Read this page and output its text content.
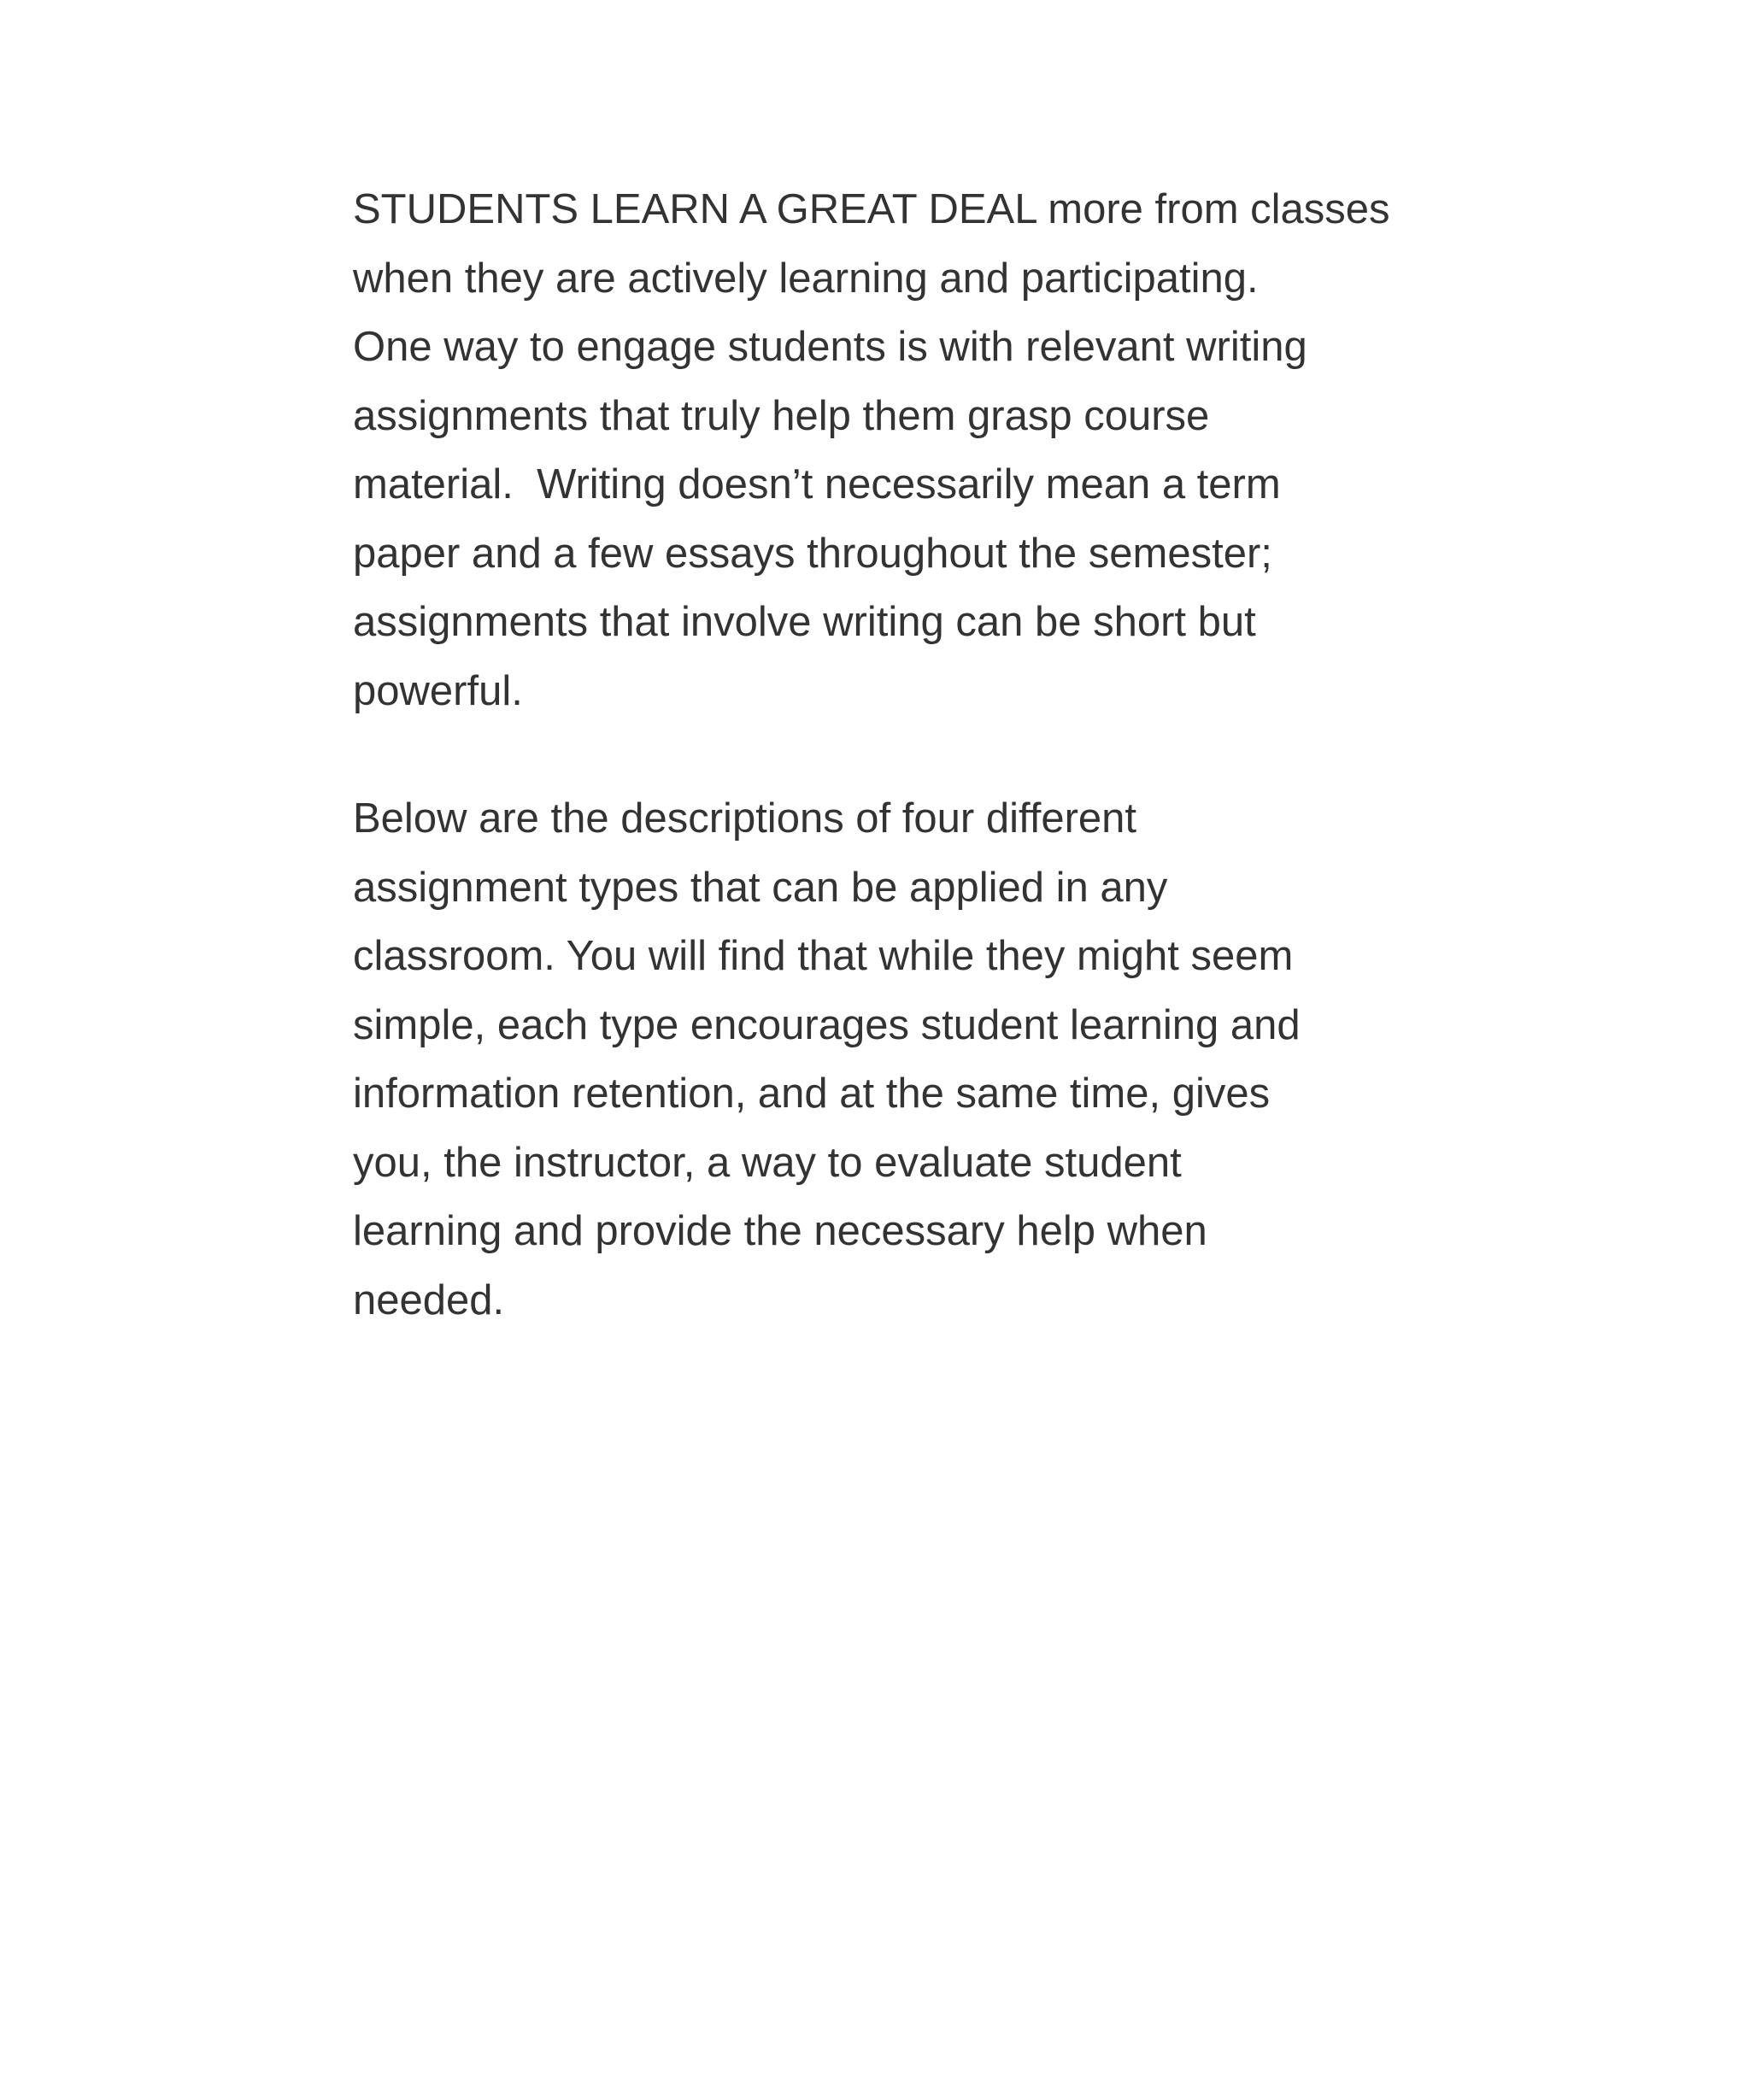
STUDENTS LEARN A GREAT DEAL more from classes
when they are actively learning and participating.
One way to engage students is with relevant writing
assignments that truly help them grasp course
material.  Writing doesn’t necessarily mean a term
paper and a few essays throughout the semester;
assignments that involve writing can be short but
powerful.
Below are the descriptions of four different
assignment types that can be applied in any
classroom. You will find that while they might seem
simple, each type encourages student learning and
information retention, and at the same time, gives
you, the instructor, a way to evaluate student
learning and provide the necessary help when
needed.
